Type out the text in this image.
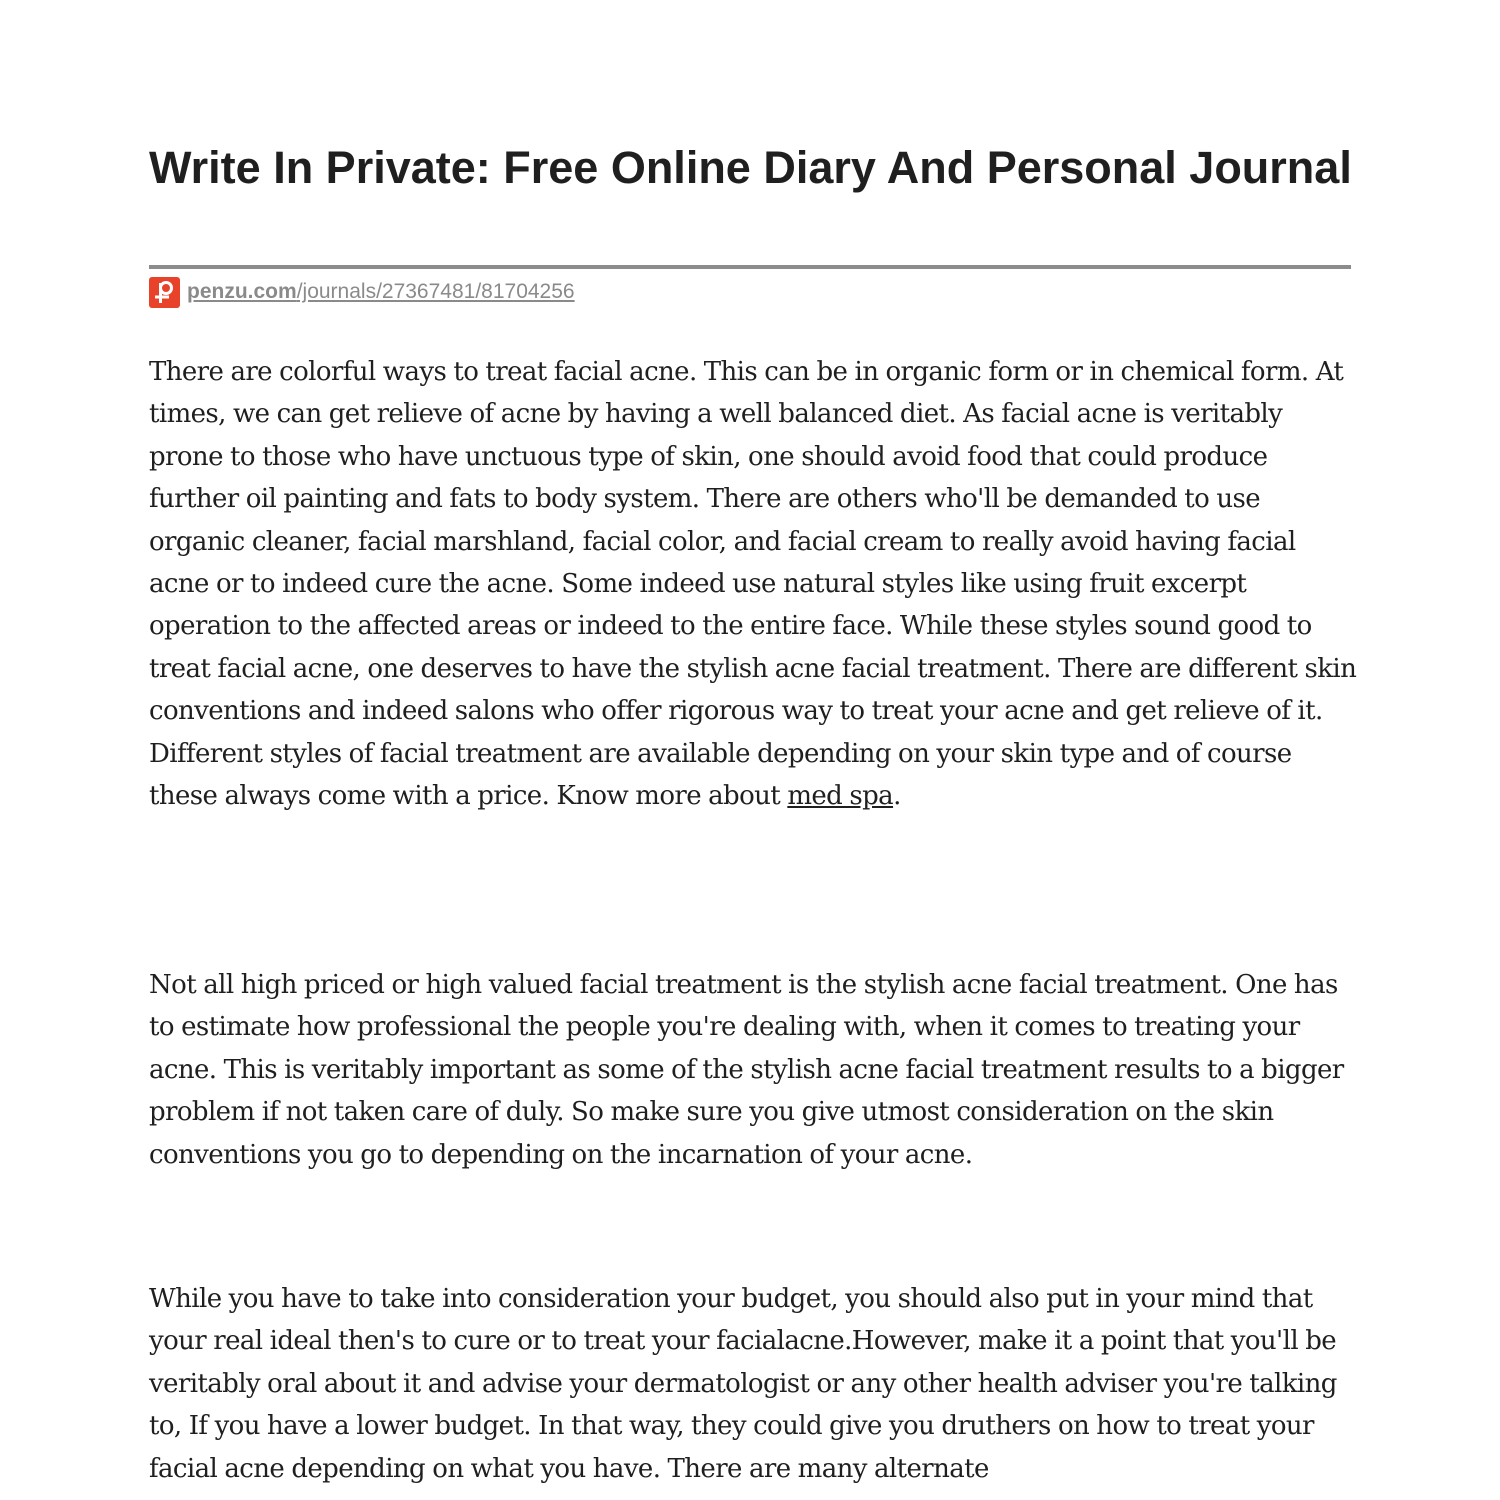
Write In Private: Free Online Diary And Personal Journal
penzu.com/journals/27367481/81704256

There are colorful ways to treat facial acne. This can be in organic form or in chemical form. At times, we can get relieve of acne by having a well balanced diet. As facial acne is veritably prone to those who have unctuous type of skin, one should avoid food that could produce further oil painting and fats to body system. There are others who'll be demanded to use organic cleaner, facial marshland, facial color, and facial cream to really avoid having facial acne or to indeed cure the acne. Some indeed use natural styles like using fruit excerpt operation to the affected areas or indeed to the entire face. While these styles sound good to treat facial acne, one deserves to have the stylish acne facial treatment. There are different skin conventions and indeed salons who offer rigorous way to treat your acne and get relieve of it. Different styles of facial treatment are available depending on your skin type and of course these always come with a price. Know more about med spa.

Not all high priced or high valued facial treatment is the stylish acne facial treatment. One has to estimate how professional the people you're dealing with, when it comes to treating your acne. This is veritably important as some of the stylish acne facial treatment results to a bigger problem if not taken care of duly. So make sure you give utmost consideration on the skin conventions you go to depending on the incarnation of your acne.

While you have to take into consideration your budget, you should also put in your mind that your real ideal then's to cure or to treat your facialacne.However, make it a point that you'll be veritably oral about it and advise your dermatologist or any other health adviser you're talking to, If you have a lower budget. In that way, they could give you druthers on how to treat your facial acne depending on what you have. There are many alternate
